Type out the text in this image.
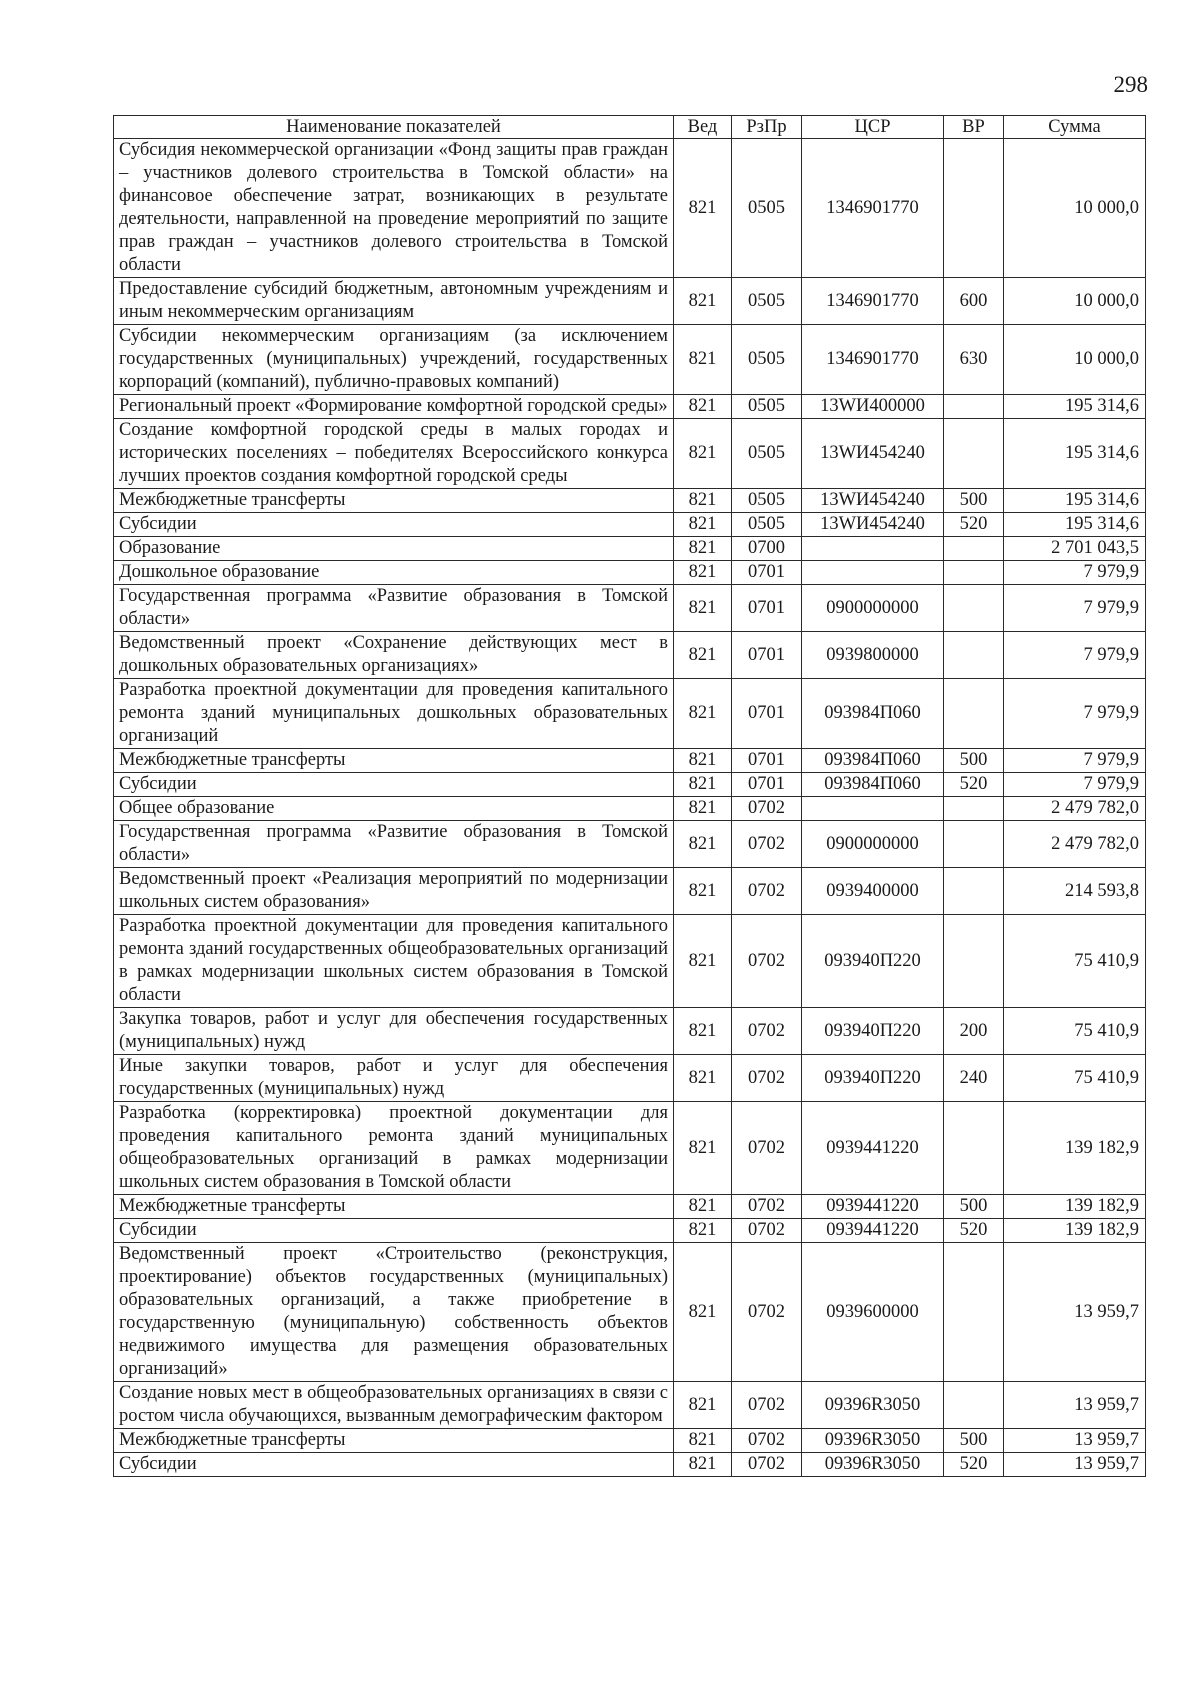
298
Наименование показателей	Вед	РзПр	ЦСР	ВР	Сумма
Субсидия некоммерческой организации «Фонд защиты прав граждан – участников долевого строительства в Томской области» на финансовое обеспечение затрат, возникающих в результате деятельности, направленной на проведение мероприятий по защите прав граждан – участников долевого строительства в Томской области	821	0505	1346901770		10 000,0
Предоставление субсидий бюджетным, автономным учреждениям и иным некоммерческим организациям	821	0505	1346901770	600	10 000,0
Субсидии некоммерческим организациям (за исключением государственных (муниципальных) учреждений, государственных корпораций (компаний), публично-правовых компаний)	821	0505	1346901770	630	10 000,0
Региональный проект «Формирование комфортной городской среды»	821	0505	13WИ400000		195 314,6
Создание комфортной городской среды в малых городах и исторических поселениях – победителях Всероссийского конкурса лучших проектов создания комфортной городской среды	821	0505	13WИ454240		195 314,6
Межбюджетные трансферты	821	0505	13WИ454240	500	195 314,6
Субсидии	821	0505	13WИ454240	520	195 314,6
Образование	821	0700			2 701 043,5
Дошкольное образование	821	0701			7 979,9
Государственная программа «Развитие образования в Томской области»	821	0701	0900000000		7 979,9
Ведомственный проект «Сохранение действующих мест в дошкольных образовательных организациях»	821	0701	0939800000		7 979,9
Разработка проектной документации для проведения капитального ремонта зданий муниципальных дошкольных образовательных организаций	821	0701	093984П060		7 979,9
Межбюджетные трансферты	821	0701	093984П060	500	7 979,9
Субсидии	821	0701	093984П060	520	7 979,9
Общее образование	821	0702			2 479 782,0
Государственная программа «Развитие образования в Томской области»	821	0702	0900000000		2 479 782,0
Ведомственный проект «Реализация мероприятий по модернизации школьных систем образования»	821	0702	0939400000		214 593,8
Разработка проектной документации для проведения капитального ремонта зданий государственных общеобразовательных организаций в рамках модернизации школьных систем образования в Томской области	821	0702	093940П220		75 410,9
Закупка товаров, работ и услуг для обеспечения государственных (муниципальных) нужд	821	0702	093940П220	200	75 410,9
Иные закупки товаров, работ и услуг для обеспечения государственных (муниципальных) нужд	821	0702	093940П220	240	75 410,9
Разработка (корректировка) проектной документации для проведения капитального ремонта зданий муниципальных общеобразовательных организаций в рамках модернизации школьных систем образования в Томской области	821	0702	0939441220		139 182,9
Межбюджетные трансферты	821	0702	0939441220	500	139 182,9
Субсидии	821	0702	0939441220	520	139 182,9
Ведомственный проект «Строительство (реконструкция, проектирование) объектов государственных (муниципальных) образовательных организаций, а также приобретение в государственную (муниципальную) собственность объектов недвижимого имущества для размещения образовательных организаций»	821	0702	0939600000		13 959,7
Создание новых мест в общеобразовательных организациях в связи с ростом числа обучающихся, вызванным демографическим фактором	821	0702	09396R3050		13 959,7
Межбюджетные трансферты	821	0702	09396R3050	500	13 959,7
Субсидии	821	0702	09396R3050	520	13 959,7
